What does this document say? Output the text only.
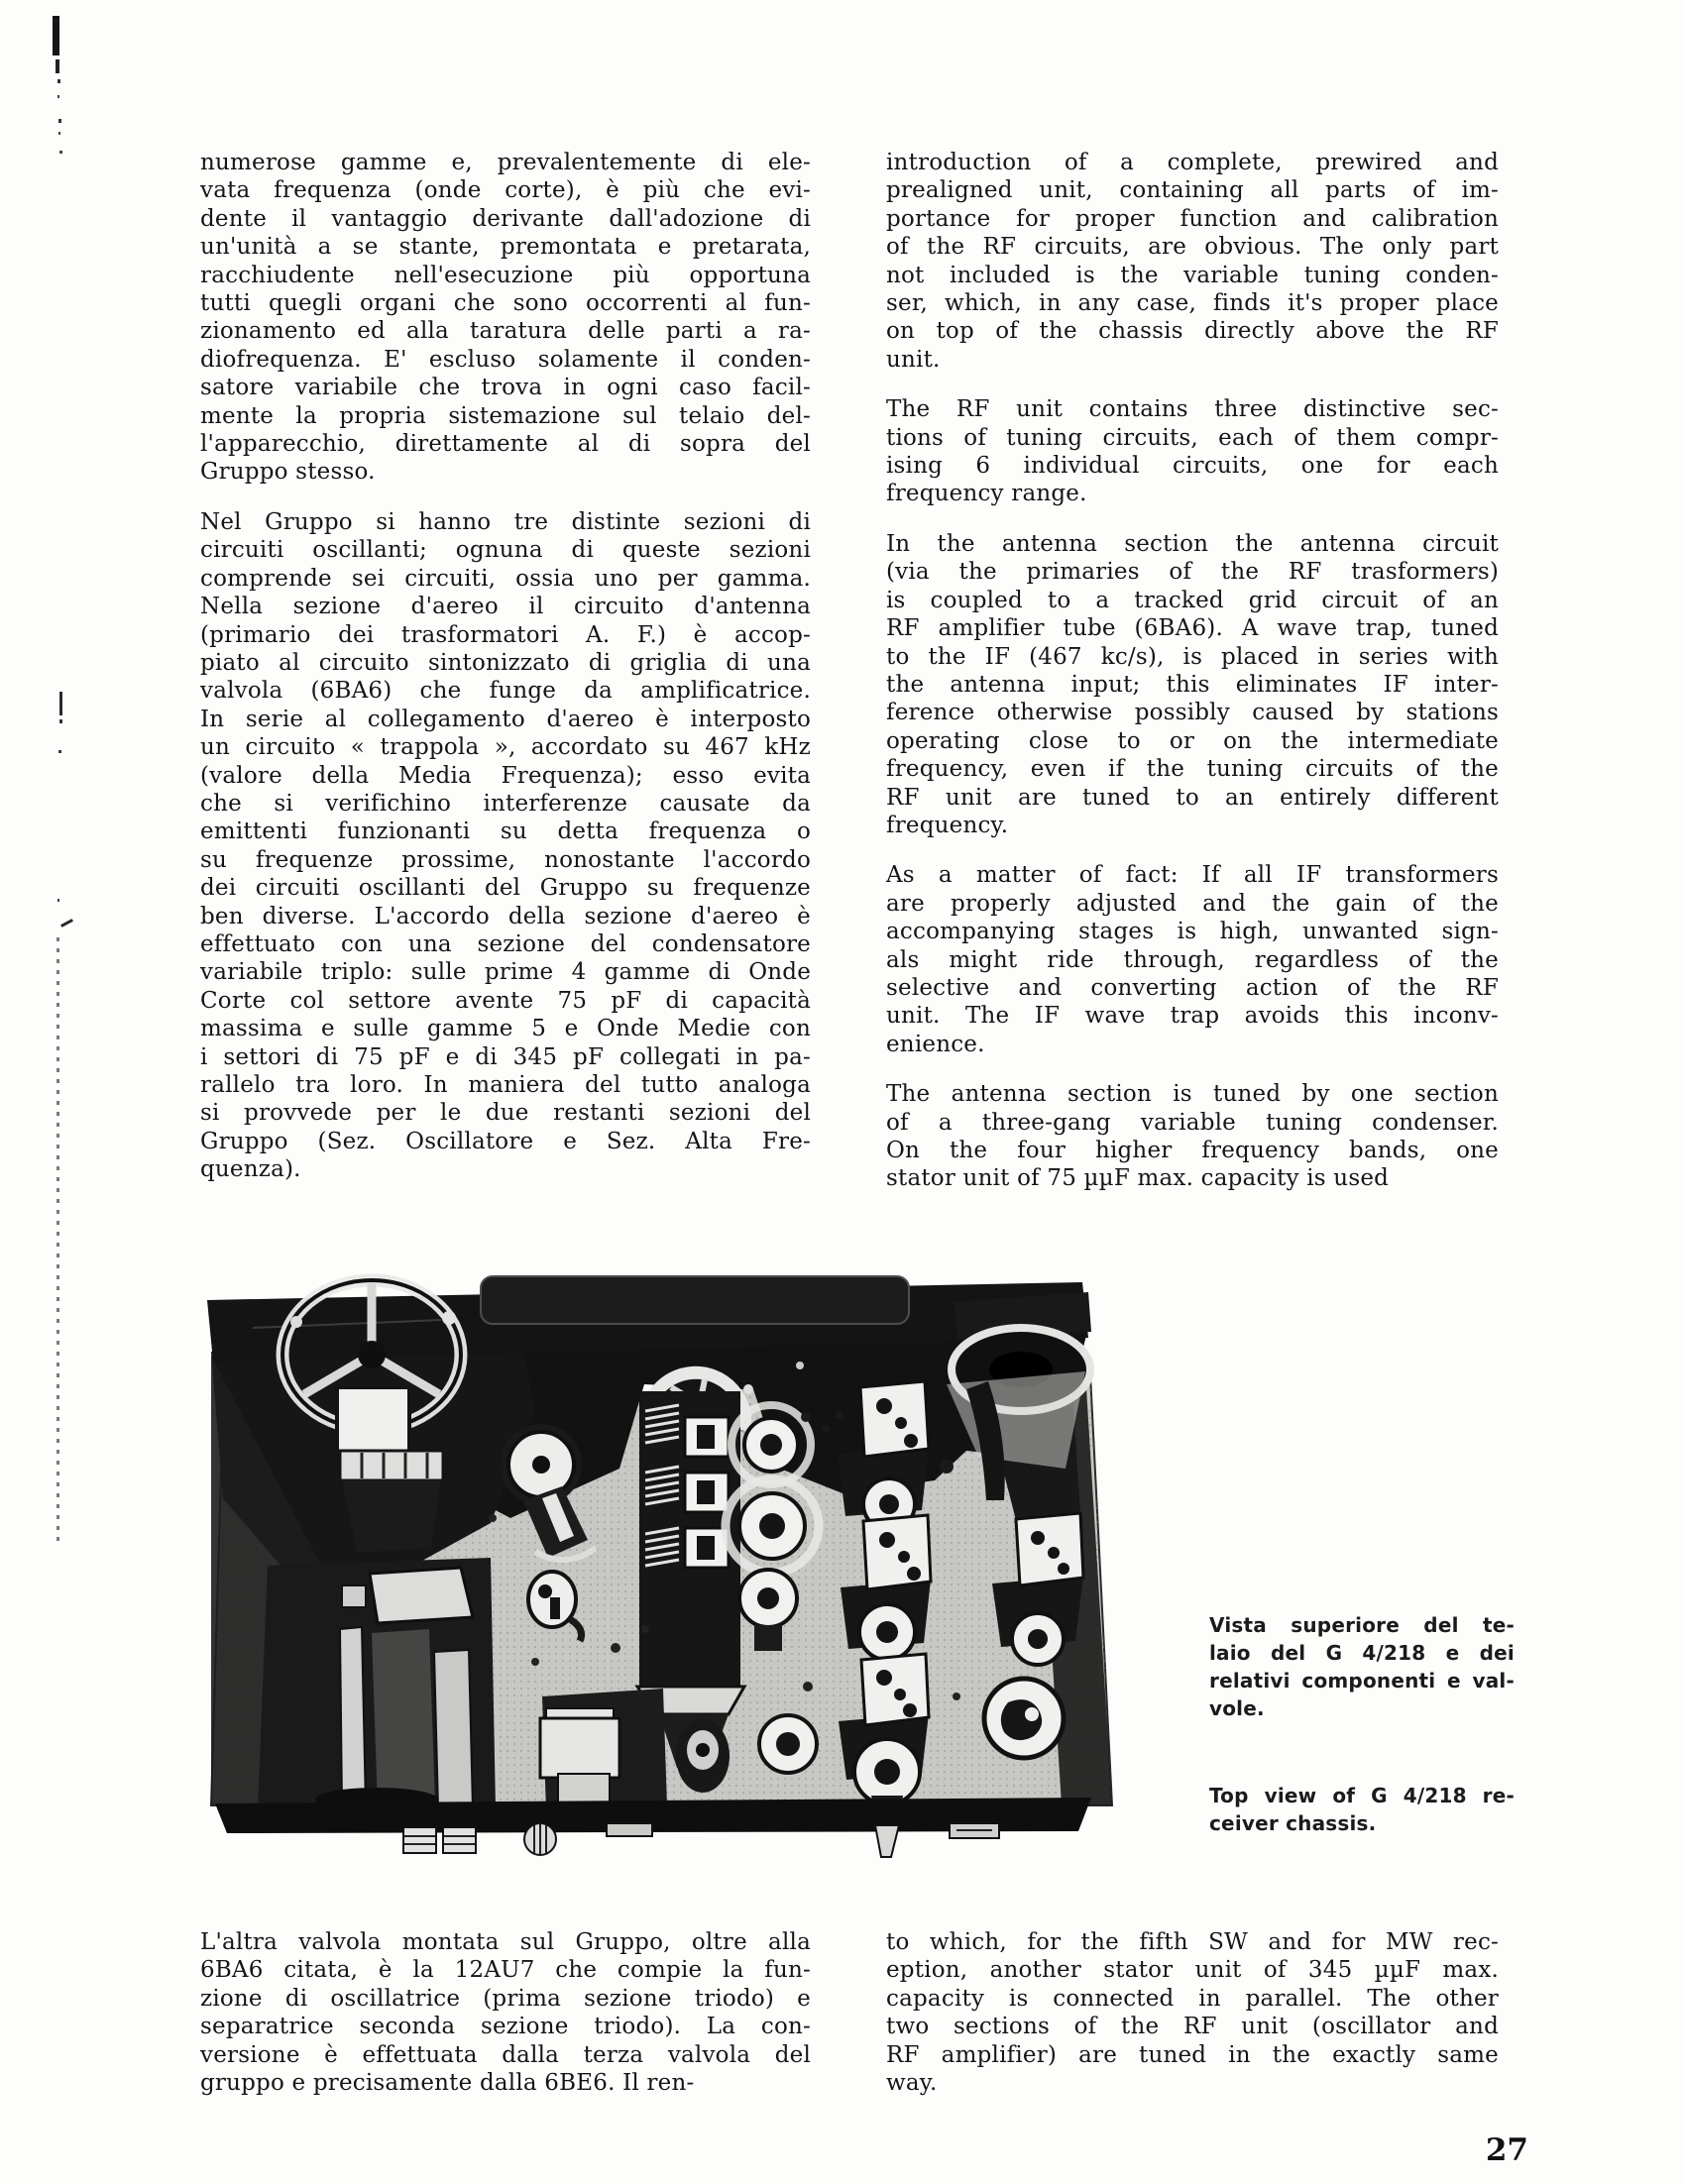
numerose gamme e, prevalentemente di ele-
vata frequenza (onde corte), è più che evi-
dente il vantaggio derivante dall'adozione di
un'unità a se stante, premontata e pretarata,
racchiudente nell'esecuzione più opportuna
tutti quegli organi che sono occorrenti al fun-
zionamento ed alla taratura delle parti a ra-
diofrequenza. E' escluso solamente il conden-
satore variabile che trova in ogni caso facil-
mente la propria sistemazione sul telaio del-
l'apparecchio, direttamente al di sopra del
Gruppo stesso.
Nel Gruppo si hanno tre distinte sezioni di
circuiti oscillanti; ognuna di queste sezioni
comprende sei circuiti, ossia uno per gamma.
Nella sezione d'aereo il circuito d'antenna
(primario dei trasformatori A. F.) è accop-
piato al circuito sintonizzato di griglia di una
valvola (6BA6) che funge da amplificatrice.
In serie al collegamento d'aereo è interposto
un circuito « trappola », accordato su 467 kHz
(valore della Media Frequenza); esso evita
che si verifichino interferenze causate da
emittenti funzionanti su detta frequenza o
su frequenze prossime, nonostante l'accordo
dei circuiti oscillanti del Gruppo su frequenze
ben diverse. L'accordo della sezione d'aereo è
effettuato con una sezione del condensatore
variabile triplo: sulle prime 4 gamme di Onde
Corte col settore avente 75 pF di capacità
massima e sulle gamme 5 e Onde Medie con
i settori di 75 pF e di 345 pF collegati in pa-
rallelo tra loro. In maniera del tutto analoga
si provvede per le due restanti sezioni del
Gruppo (Sez. Oscillatore e Sez. Alta Fre-
quenza).
introduction of a complete, prewired and
prealigned unit, containing all parts of im-
portance for proper function and calibration
of the RF circuits, are obvious. The only part
not included is the variable tuning conden-
ser, which, in any case, finds it's proper place
on top of the chassis directly above the RF
unit.
The RF unit contains three distinctive sec-
tions of tuning circuits, each of them compr-
ising 6 individual circuits, one for each
frequency range.
In the antenna section the antenna circuit
(via the primaries of the RF trasformers)
is coupled to a tracked grid circuit of an
RF amplifier tube (6BA6). A wave trap, tuned
to the IF (467 kc/s), is placed in series with
the antenna input; this eliminates IF inter-
ference otherwise possibly caused by stations
operating close to or on the intermediate
frequency, even if the tuning circuits of the
RF unit are tuned to an entirely different
frequency.
As a matter of fact: If all IF transformers
are properly adjusted and the gain of the
accompanying stages is high, unwanted sign-
als might ride through, regardless of the
selective and converting action of the RF
unit. The IF wave trap avoids this inconv-
enience.
The antenna section is tuned by one section
of a three-gang variable tuning condenser.
On the four higher frequency bands, one
stator unit of 75 µµF max. capacity is used
L'altra valvola montata sul Gruppo, oltre alla
6BA6 citata, è la 12AU7 che compie la fun-
zione di oscillatrice (prima sezione triodo) e
separatrice seconda sezione triodo). La con-
versione è effettuata dalla terza valvola del
gruppo e precisamente dalla 6BE6. Il ren-
to which, for the fifth SW and for MW rec-
eption, another stator unit of 345 µµF max.
capacity is connected in parallel. The other
two sections of the RF unit (oscillator and
RF amplifier) are tuned in the exactly same
way.
Vista superiore del te-
laio del G 4/218 e dei
relativi componenti e val-
vole.
Top view of G 4/218 re-
ceiver chassis.
27
